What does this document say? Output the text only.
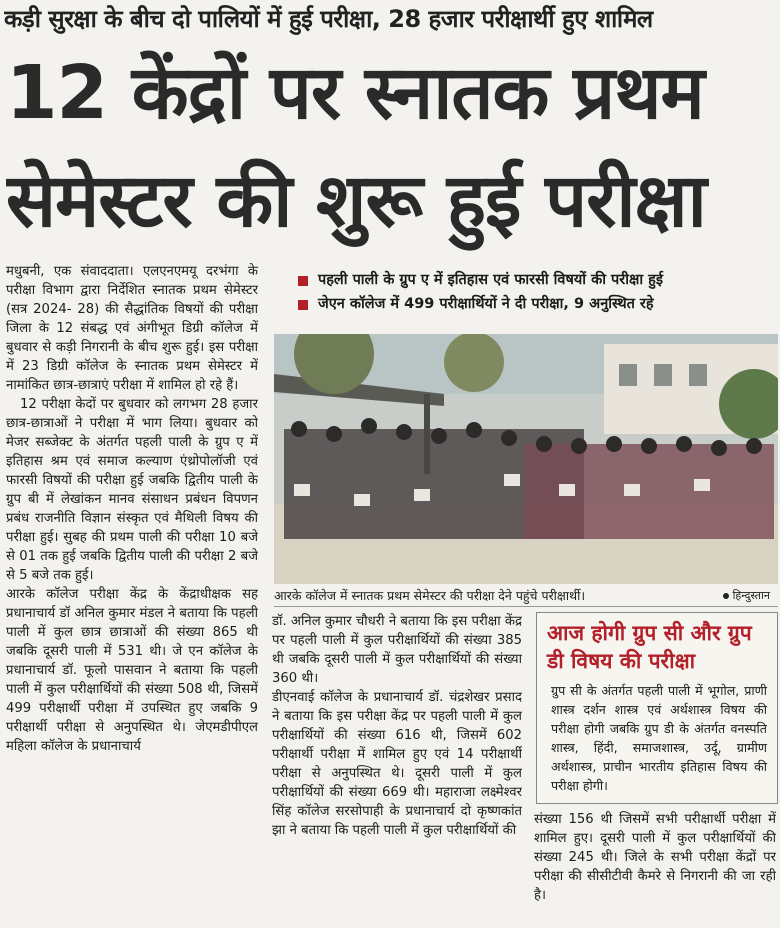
कड़ी सुरक्षा के बीच दो पालियों में हुई परीक्षा, 28 हजार परीक्षार्थी हुए शामिल
12 केंद्रों पर स्नातक प्रथम
सेमेस्टर की शुरू हुई परीक्षा

मधुबनी, एक संवाददाता। एलएनएमयू दरभंगा के परीक्षा विभाग द्वारा निर्देशित स्नातक प्रथम सेमेस्टर (सत्र 2024- 28) की सैद्धांतिक विषयों की परीक्षा जिला के 12 संबद्ध एवं अंगीभूत डिग्री कॉलेज में बुधवार से कड़ी निगरानी के बीच शुरू हुई। इस परीक्षा में 23 डिग्री कॉलेज के स्नातक प्रथम सेमेस्टर में नामांकित छात्र-छात्राएं परीक्षा में शामिल हो रहे हैं।

12 परीक्षा केदों पर बुधवार को लगभग 28 हजार छात्र-छात्राओं ने परीक्षा में भाग लिया। बुधवार को मेजर सब्जेक्ट के अंतर्गत पहली पाली के ग्रुप ए में इतिहास श्रम एवं समाज कल्याण एंथ्रोपोलॉजी एवं फारसी विषयों की परीक्षा हुई जबकि द्वितीय पाली के ग्रुप बी में लेखांकन मानव संसाधन प्रबंधन विपणन प्रबंध राजनीति विज्ञान संस्कृत एवं मैथिली विषय की परीक्षा हुई। सुबह की प्रथम पाली की परीक्षा 10 बजे से 01 तक हुई जबकि द्वितीय पाली की परीक्षा 2 बजे से 5 बजे तक हुई।

आरके कॉलेज परीक्षा केंद्र के केंद्राधीक्षक सह प्रधानाचार्य डॉ अनिल कुमार मंडल ने बताया कि पहली पाली में कुल छात्र छात्राओं की संख्या 865 थी जबकि दूसरी पाली में 531 थी। जे एन कॉलेज के प्रधानाचार्य डॉ. फूलो पासवान ने बताया कि पहली पाली में कुल परीक्षार्थियों की संख्या 508 थी, जिसमें 499 परीक्षार्थी परीक्षा में उपस्थित हुए जबकि 9 परीक्षार्थी परीक्षा से अनुपस्थित थे। जेएमडीपीएल महिला कॉलेज के प्रधानाचार्य

पहली पाली के ग्रुप ए में इतिहास एवं फारसी विषयों की परीक्षा हुई
जेएन कॉलेज में 499 परीक्षार्थियों ने दी परीक्षा, 9 अनुस्थित रहे
आरके कॉलेज में स्नातक प्रथम सेमेस्टर की परीक्षा देने पहुंचे परीक्षार्थी।	हिन्दुस्तान

डॉ. अनिल कुमार चौधरी ने बताया कि इस परीक्षा केंद्र पर पहली पाली में कुल परीक्षार्थियों की संख्या 385 थी जबकि दूसरी पाली में कुल परीक्षार्थियों की संख्या 360 थी।

डीएनवाई कॉलेज के प्रधानाचार्य डॉ. चंद्रशेखर प्रसाद ने बताया कि इस परीक्षा केंद्र पर पहली पाली में कुल परीक्षार्थियों की संख्या 616 थी, जिसमें 602 परीक्षार्थी परीक्षा में शामिल हुए एवं 14 परीक्षार्थी परीक्षा से अनुपस्थित थे। दूसरी पाली में कुल परीक्षार्थियों की संख्या 669 थी। महाराजा लक्ष्मेश्वर सिंह कॉलेज सरसोपाही के प्रधानाचार्य दो कृष्णकांत झा ने बताया कि पहली पाली में कुल परीक्षार्थियों की

आज होगी ग्रुप सी और ग्रुप डी विषय की परीक्षा
ग्रुप सी के अंतर्गत पहली पाली में भूगोल, प्राणी शास्त्र दर्शन शास्त्र एवं अर्थशास्त्र विषय की परीक्षा होगी जबकि ग्रुप डी के अंतर्गत वनस्पति शास्त्र, हिंदी, समाजशास्त्र, उर्दू, ग्रामीण अर्थशास्त्र, प्राचीन भारतीय इतिहास विषय की परीक्षा होगी।

संख्या 156 थी जिसमें सभी परीक्षार्थी परीक्षा में शामिल हुए। दूसरी पाली में कुल परीक्षार्थियों की संख्या 245 थी। जिले के सभी परीक्षा केंद्रों पर परीक्षा की सीसीटीवी कैमरे से निगरानी की जा रही है।
